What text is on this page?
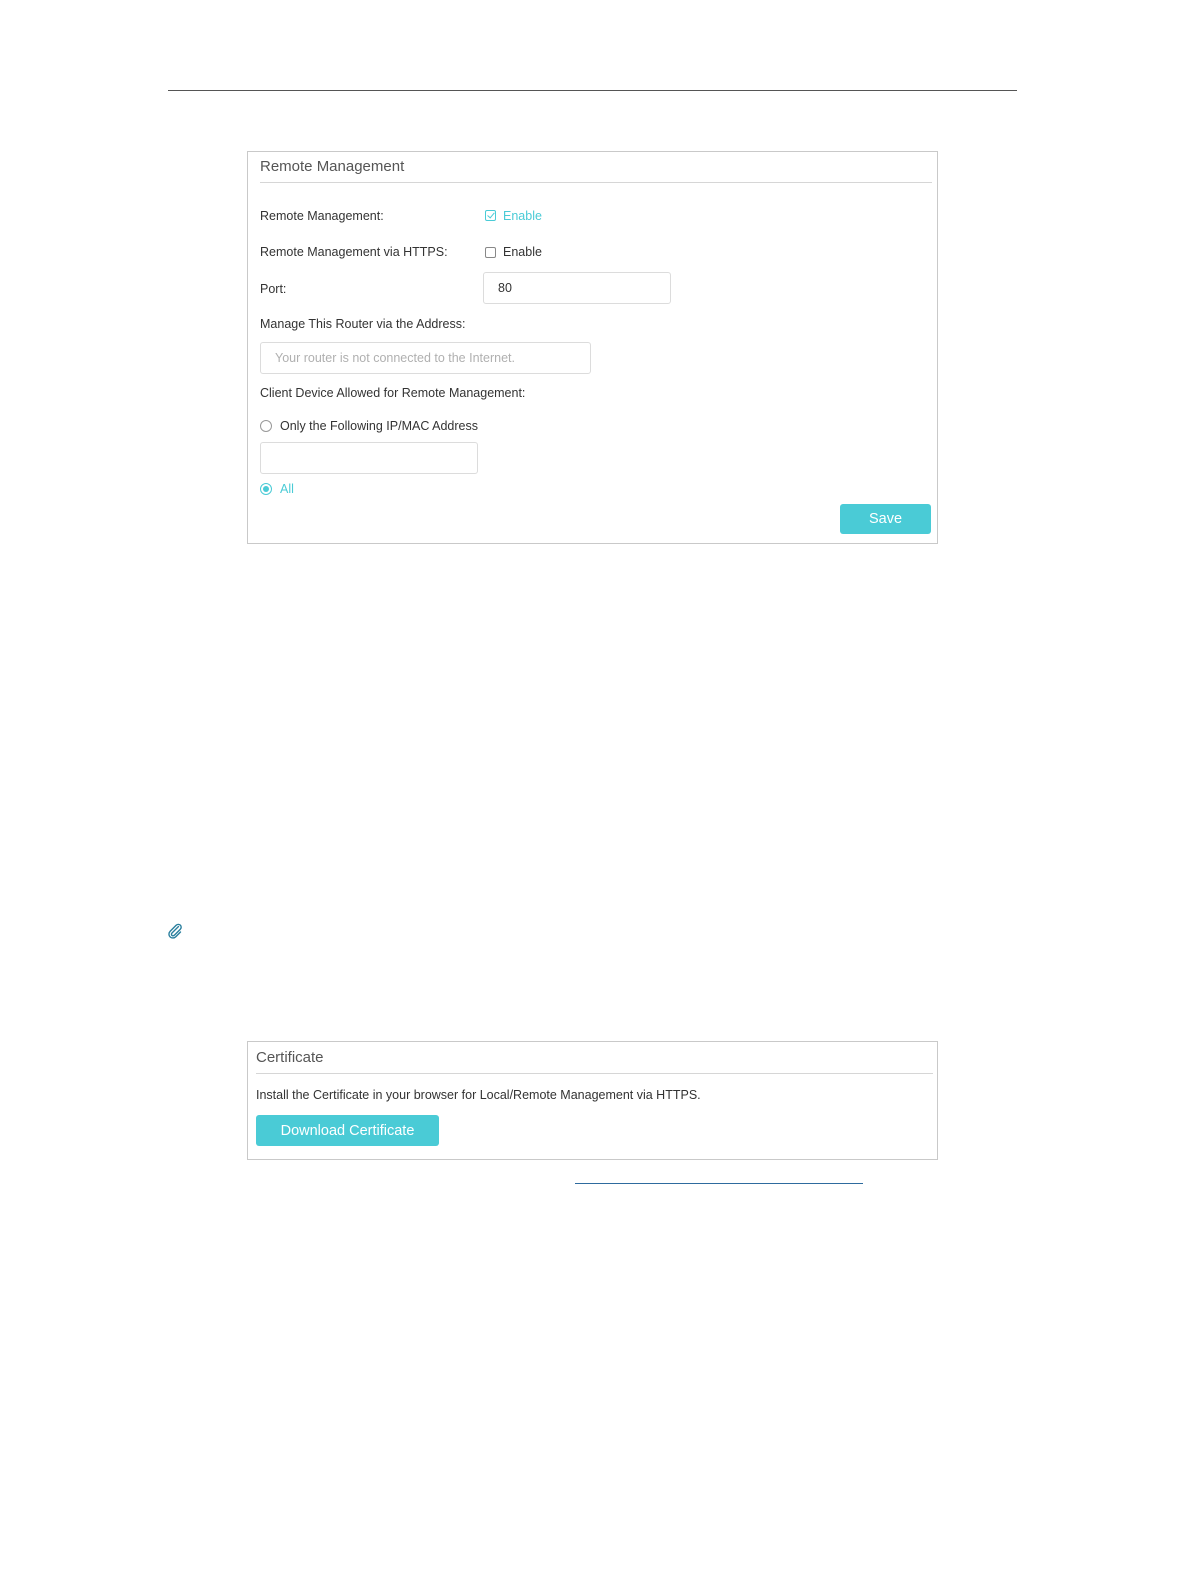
Remote Management
Remote Management:	Enable
Remote Management via HTTPS:	Enable
Port:	80
Manage This Router via the Address:
Your router is not connected to the Internet.
Client Device Allowed for Remote Management:
Only the Following IP/MAC Address
All
Save
Certificate
Install the Certificate in your browser for Local/Remote Management via HTTPS.
Download Certificate
